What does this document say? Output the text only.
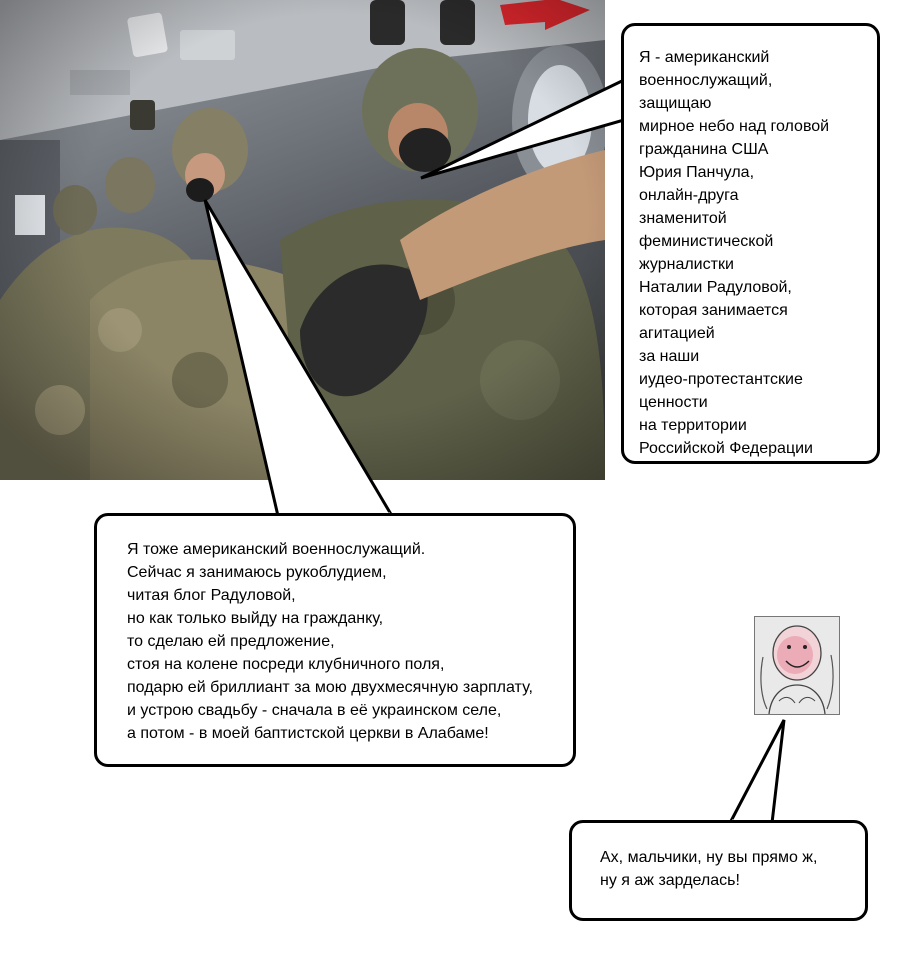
Я - американский
военнослужащий,
защищаю
мирное небо над головой
гражданина США
Юрия Панчула,
онлайн-друга
знаменитой
феминистической
журналистки
Наталии Радуловой,
которая занимается
агитацией
за наши
иудео-протестантские
ценности
на территории
Российской Федерации
Я тоже американский военнослужащий.
Сейчас я занимаюсь рукоблудием,
читая блог Радуловой,
но как только выйду на гражданку,
то сделаю ей предложение,
стоя на колене посреди клубничного поля,
подарю ей бриллиант за мою двухмесячную зарплату,
и устрою свадьбу - сначала в её украинском селе,
а потом - в моей баптистской церкви в Алабаме!
Ах, мальчики, ну вы прямо ж,
ну я аж зарделась!
